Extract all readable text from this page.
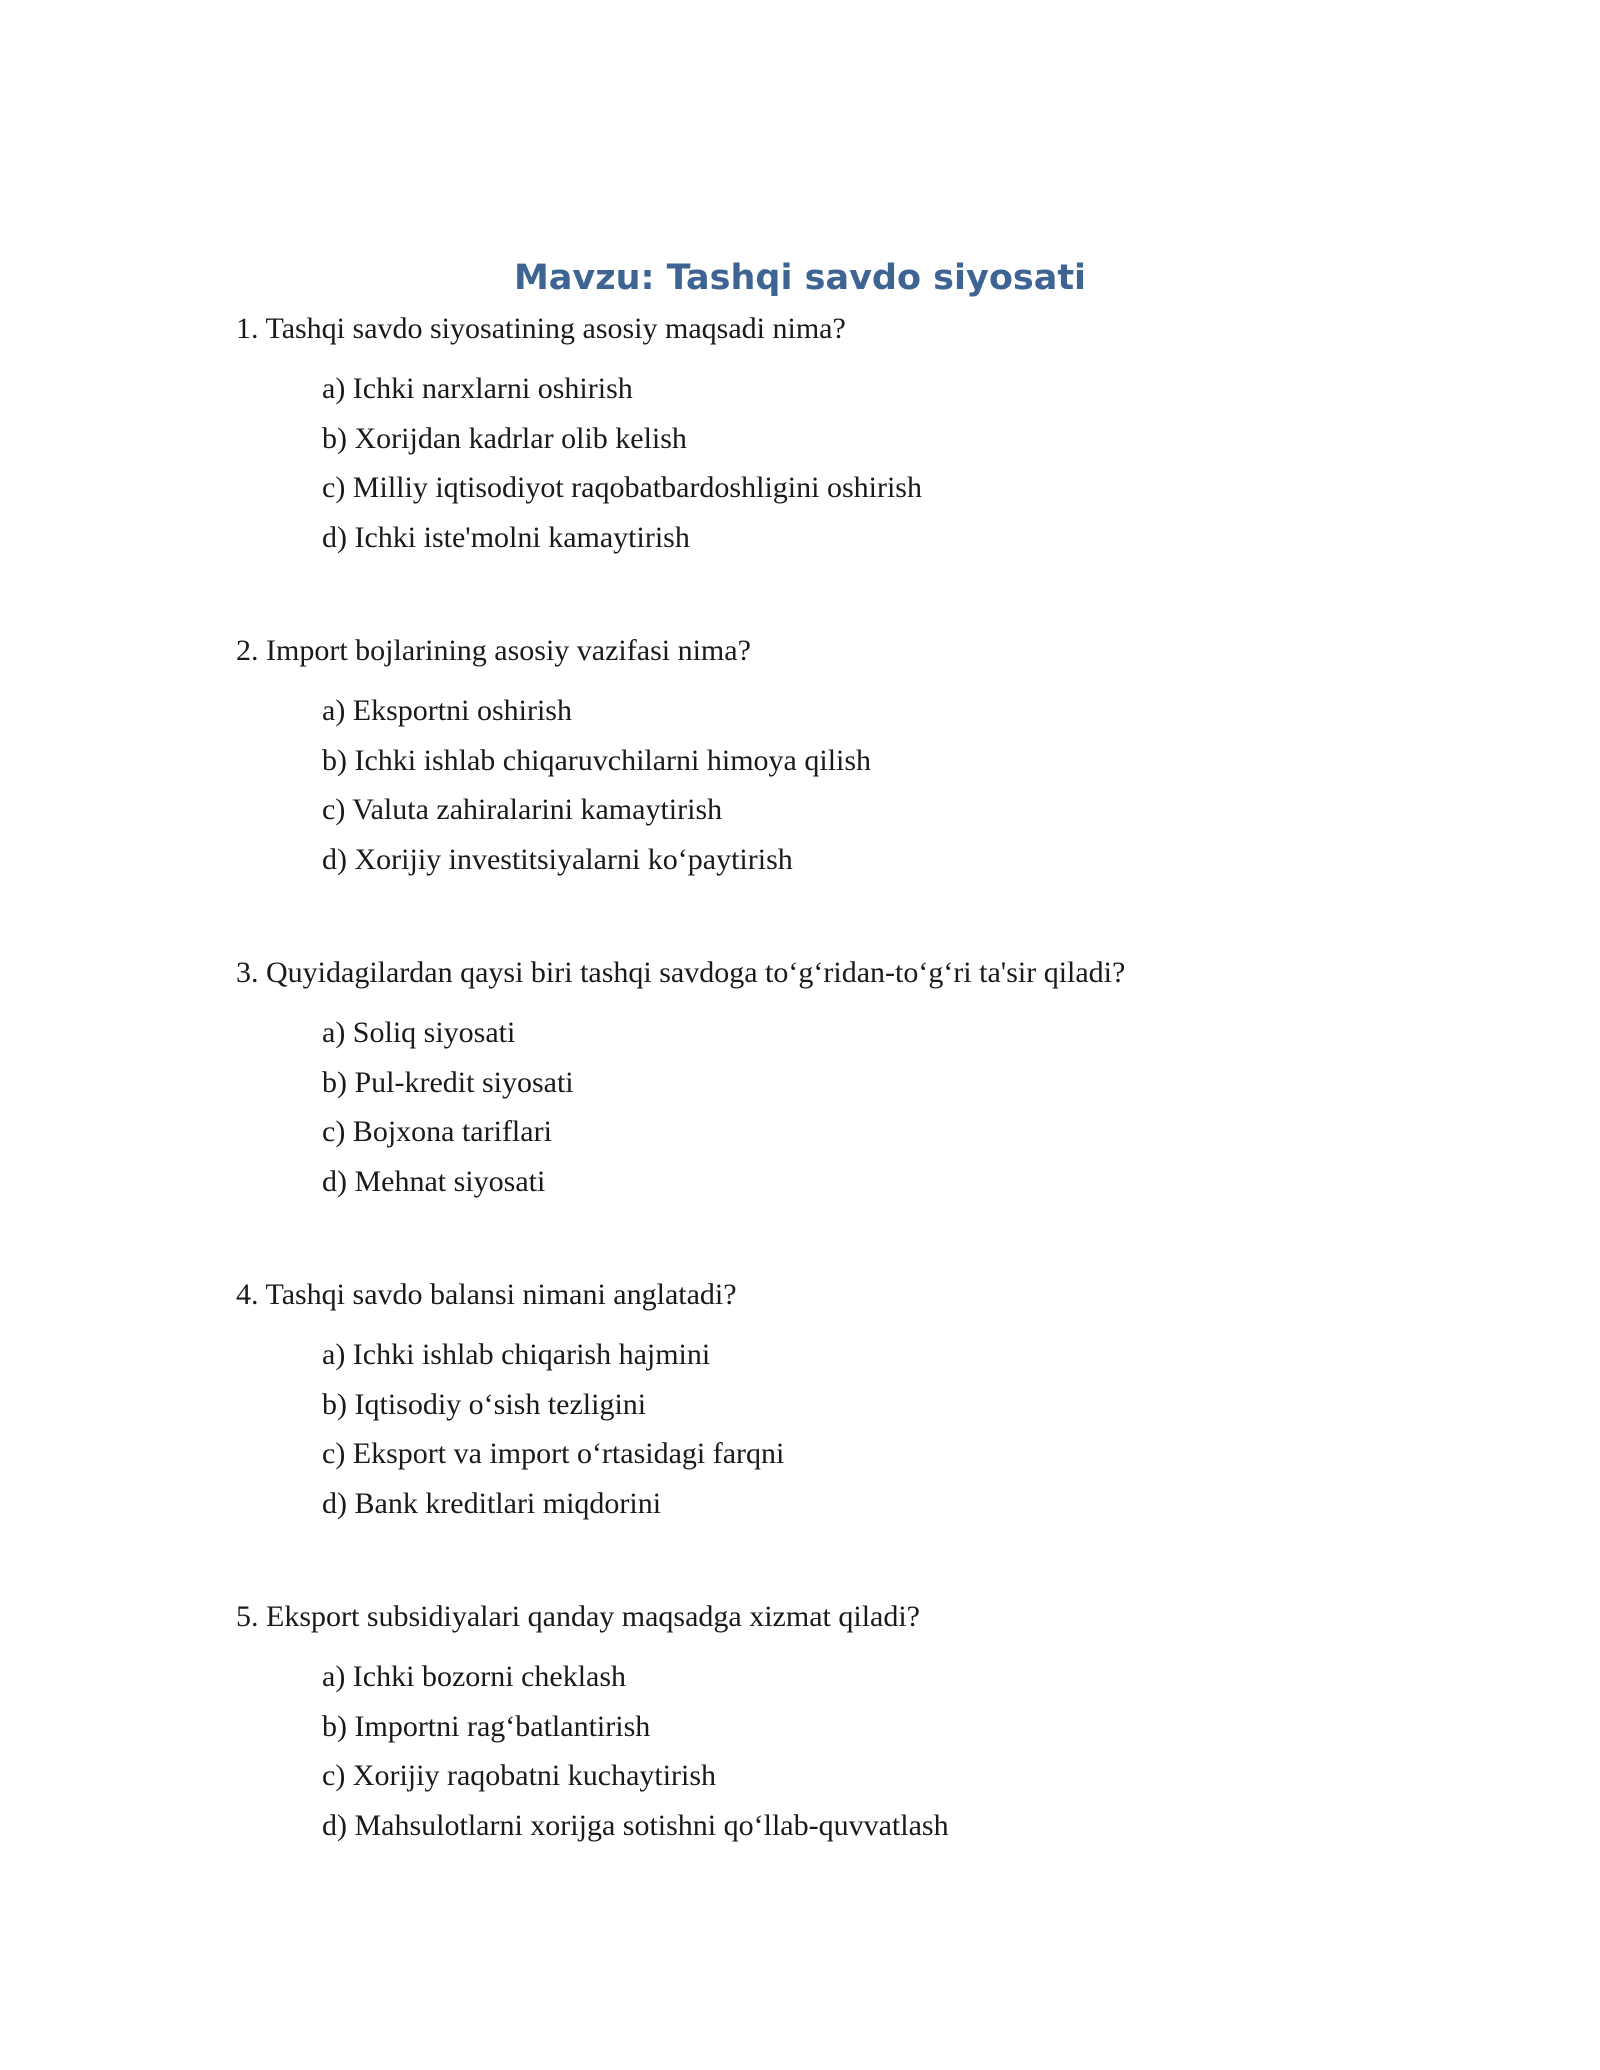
Mavzu: Tashqi savdo siyosati
1. Tashqi savdo siyosatining asosiy maqsadi nima?
a) Ichki narxlarni oshirish
b) Xorijdan kadrlar olib kelish
c) Milliy iqtisodiyot raqobatbardoshligini oshirish
d) Ichki iste'molni kamaytirish
2. Import bojlarining asosiy vazifasi nima?
a) Eksportni oshirish
b) Ichki ishlab chiqaruvchilarni himoya qilish
c) Valuta zahiralarini kamaytirish
d) Xorijiy investitsiyalarni ko‘paytirish
3. Quyidagilardan qaysi biri tashqi savdoga to‘g‘ridan-to‘g‘ri ta'sir qiladi?
a) Soliq siyosati
b) Pul-kredit siyosati
c) Bojxona tariflari
d) Mehnat siyosati
4. Tashqi savdo balansi nimani anglatadi?
a) Ichki ishlab chiqarish hajmini
b) Iqtisodiy o‘sish tezligini
c) Eksport va import o‘rtasidagi farqni
d) Bank kreditlari miqdorini
5. Eksport subsidiyalari qanday maqsadga xizmat qiladi?
a) Ichki bozorni cheklash
b) Importni rag‘batlantirish
c) Xorijiy raqobatni kuchaytirish
d) Mahsulotlarni xorijga sotishni qo‘llab-quvvatlash
